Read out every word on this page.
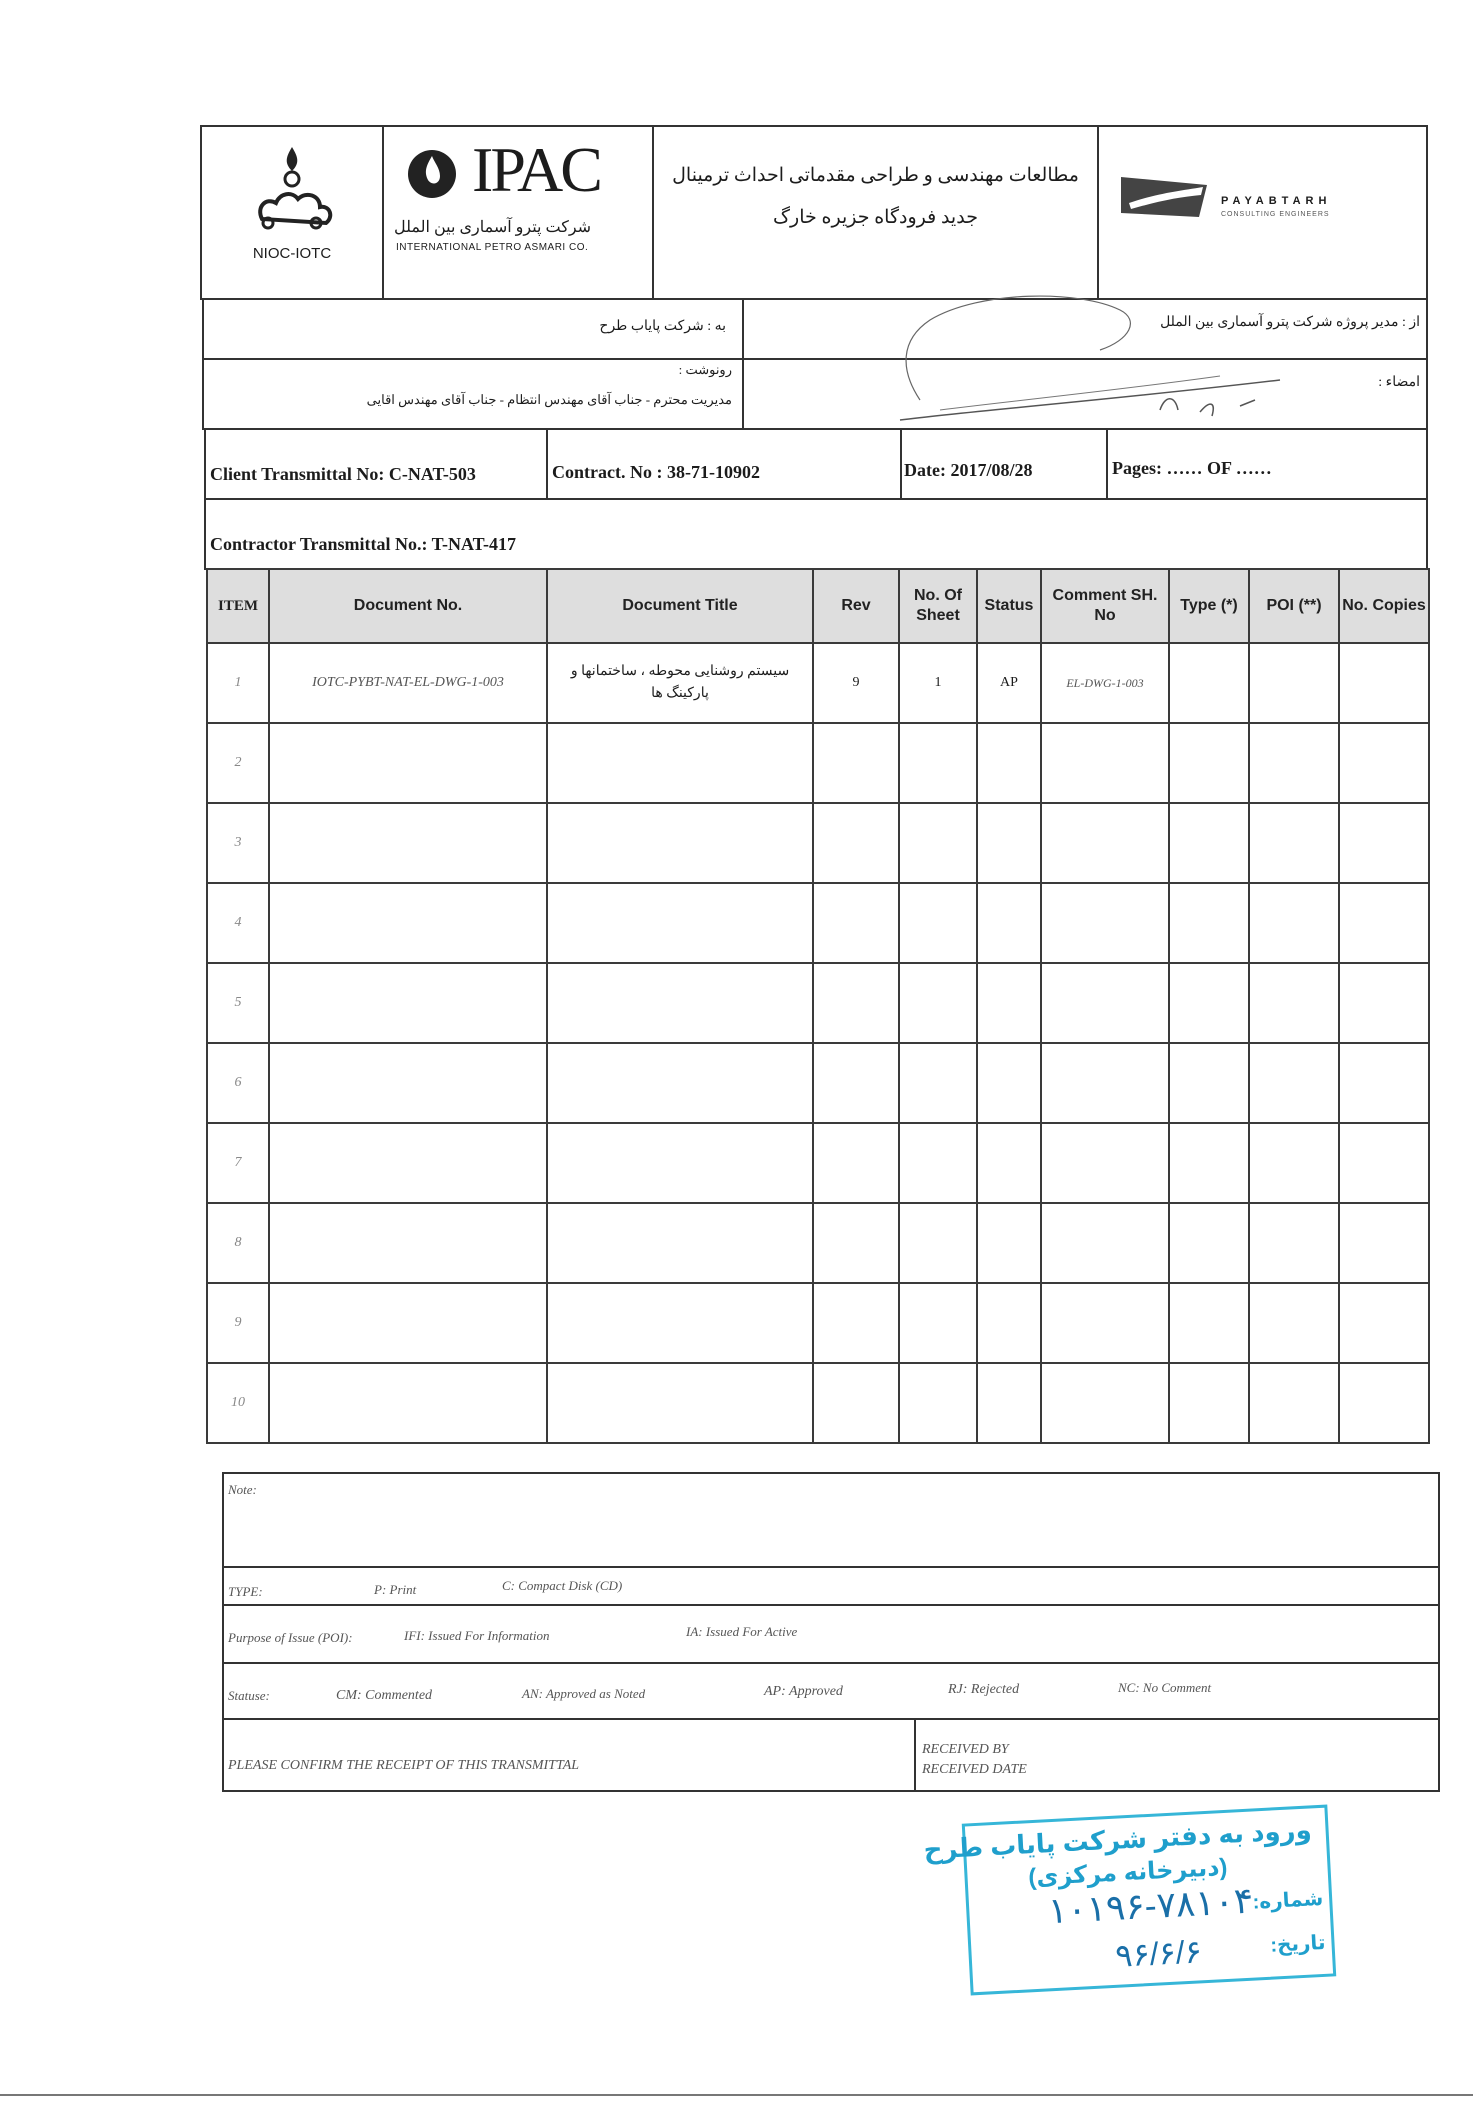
NIOC-IOTC
IPAC
شرکت پترو آسماری بین الملل
INTERNATIONAL PETRO ASMARI CO.
مطالعات مهندسی و طراحی مقدماتی احداث ترمینال
جدید فرودگاه جزیره خارگ
PAYABTARH
CONSULTING ENGINEERS
به : شرکت پایاب طرح	از : مدیر پروژه شرکت پترو آسماری بین الملل
رونوشت :
مدیریت محترم - جناب آقای مهندس انتظام - جناب آقای مهندس اقایی
امضاء :
Client Transmittal No: C-NAT-503	Contract. No : 38-71-10902	Date: 2017/08/28	Pages: …… OF ……
Contractor Transmittal No.: T-NAT-417
ITEM	Document No.	Document Title	Rev	No. Of Sheet	Status	Comment SH. No	Type (*)	POI (**)	No. Copies
1	IOTC-PYBT-NAT-EL-DWG-1-003	سیستم روشنایی محوطه ، ساختمانها و پارکینگ ها	9	1	AP	EL-DWG-1-003			
2									
3									
4									
5									
6									
7									
8									
9									
10									
Note:
TYPE:	P: Print	C: Compact Disk (CD)
Purpose of Issue (POI):	IFI: Issued For Information	IA: Issued For Active
Statuse:	CM: Commented	AN: Approved as Noted	AP: Approved	RJ: Rejected	NC: No Comment
PLEASE CONFIRM THE RECEIPT OF THIS TRANSMITTAL
RECEIVED BY
RECEIVED DATE
ورود به دفتر شرکت پایاب طرح
(دبیرخانه مرکزی)
شماره:
۱۰۱۹۶-۷۸۱۰۴
تاریخ:
۹۶/۶/۶
